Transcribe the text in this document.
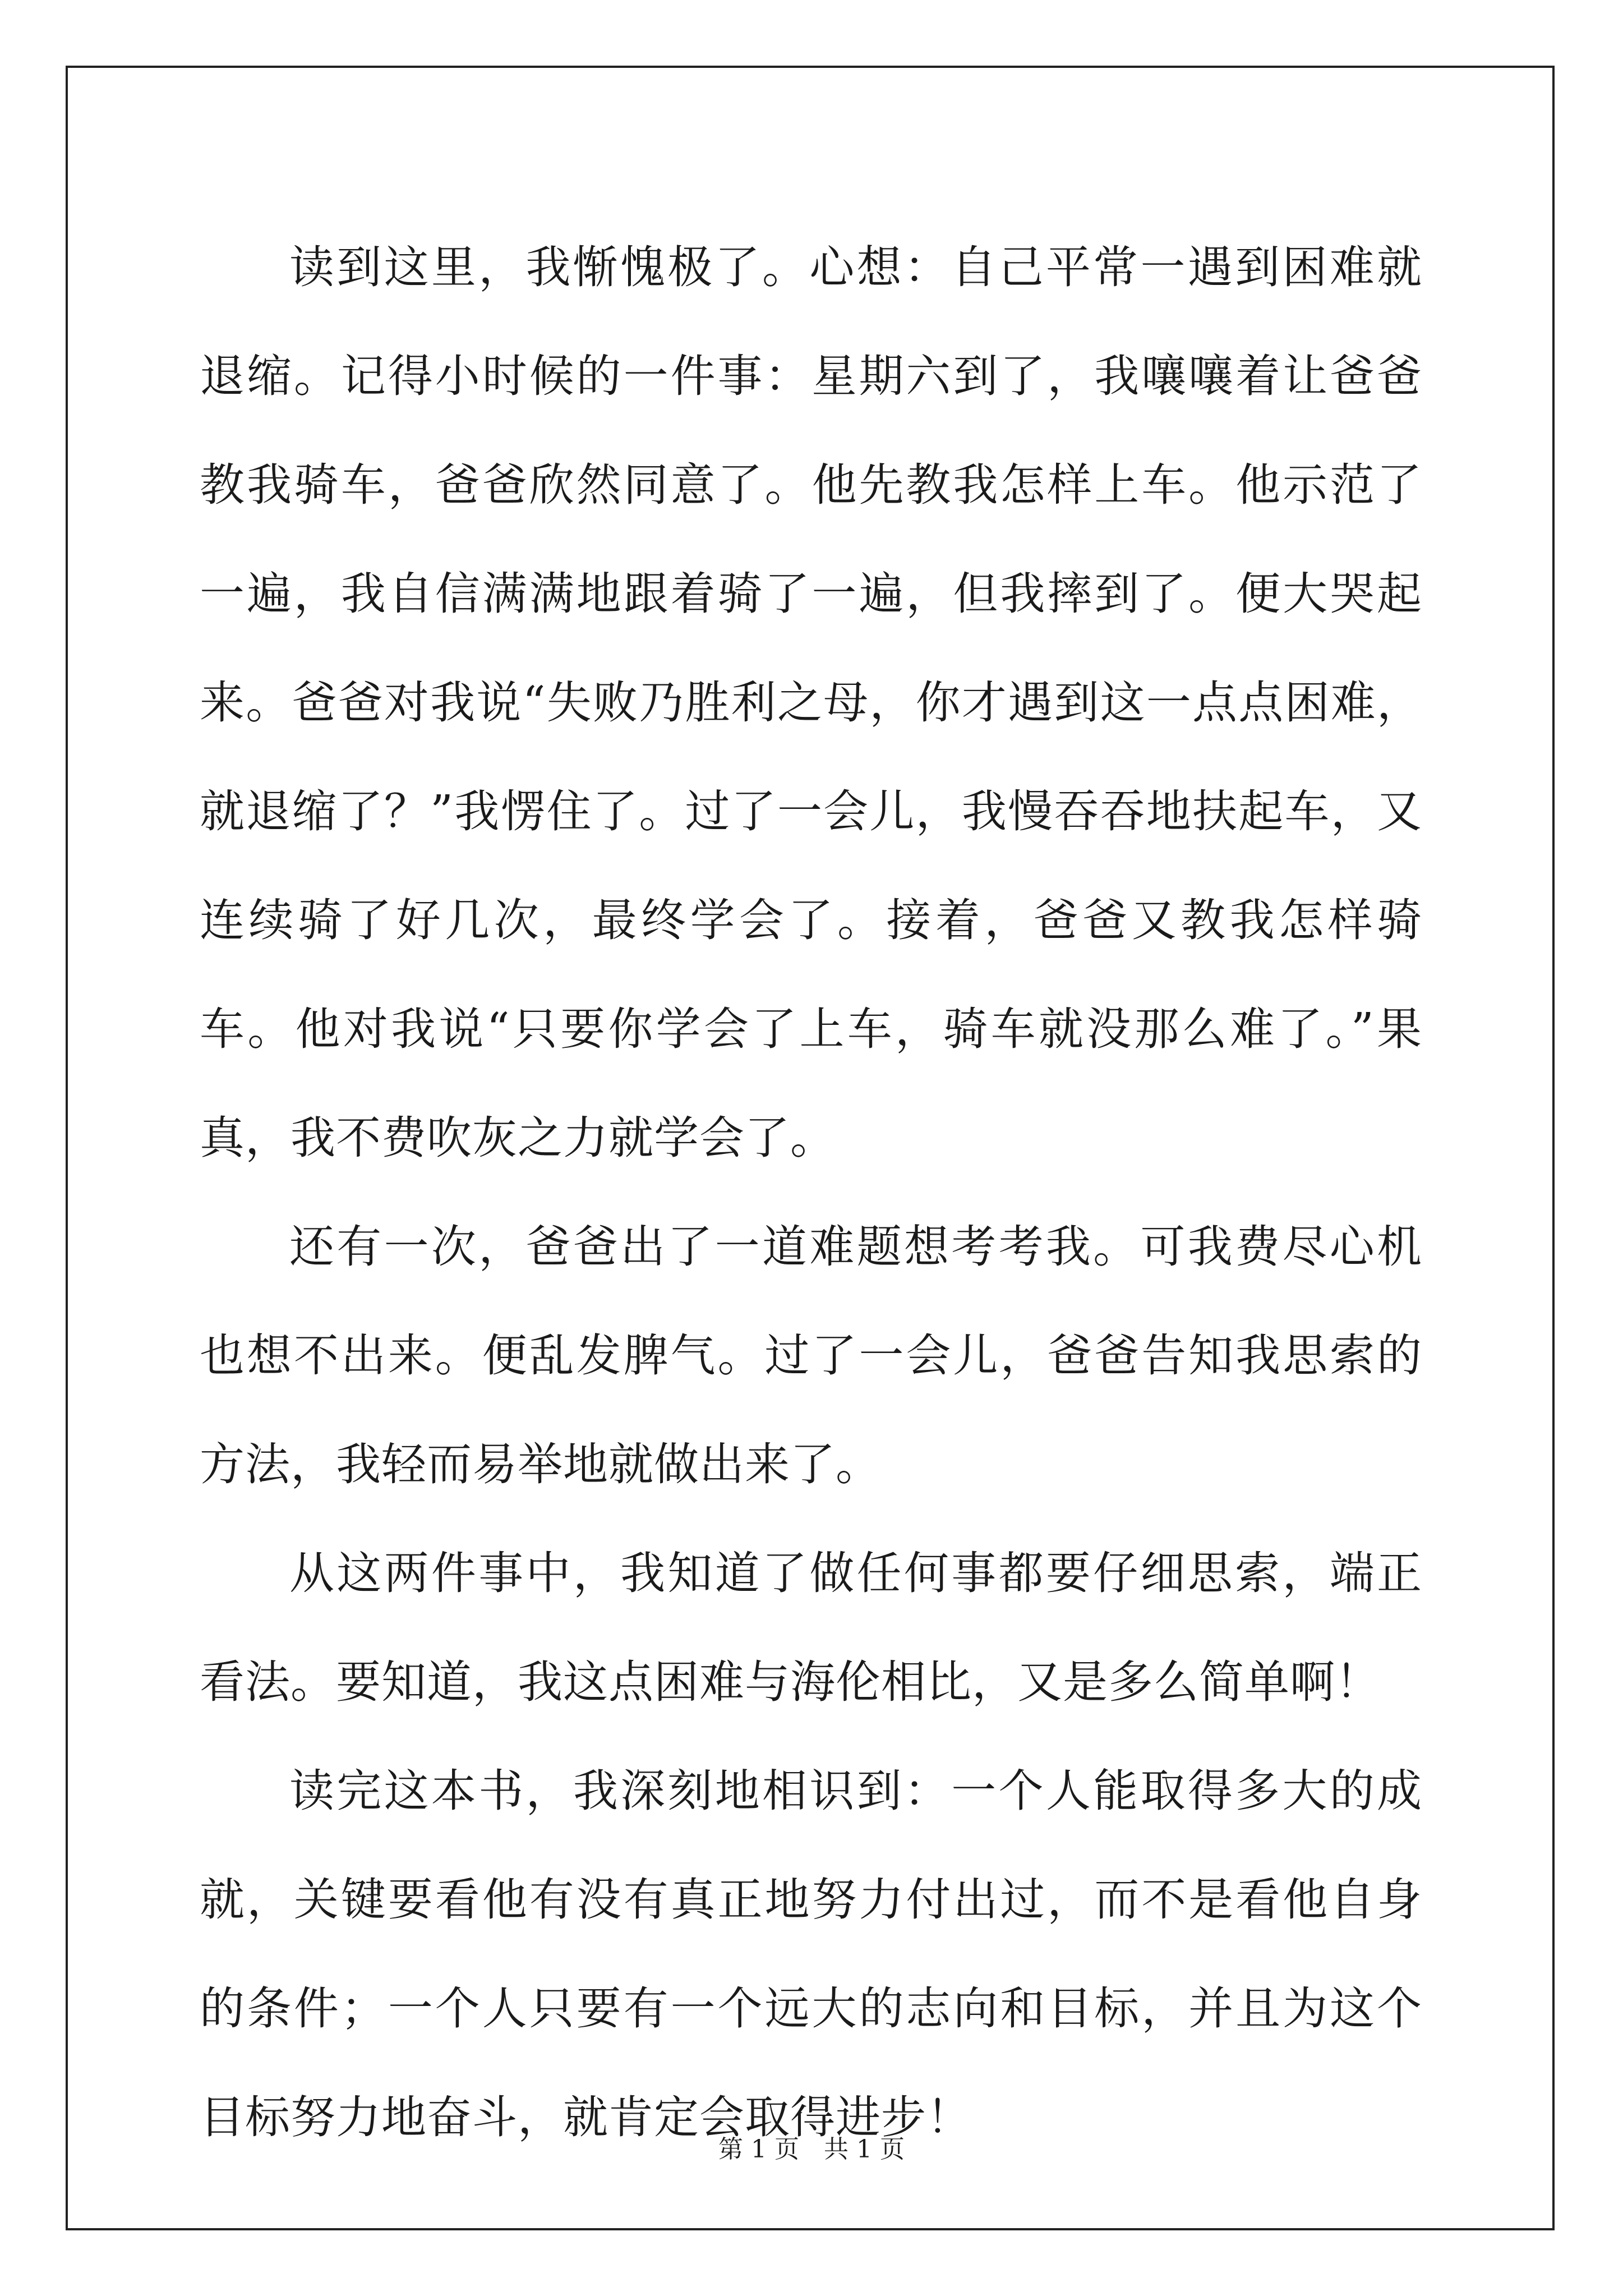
读到这里，我惭愧极了。心想：自己平常一遇到困难就退缩。记得小时候的一件事：星期六到了，我嚷嚷着让爸爸教我骑车，爸爸欣然同意了。他先教我怎样上车。他示范了一遍，我自信满满地跟着骑了一遍，但我摔到了。便大哭起来。爸爸对我说“失败乃胜利之母，你才遇到这一点点困难，就退缩了？”我愣住了。过了一会儿，我慢吞吞地扶起车，又连续骑了好几次，最终学会了。接着，爸爸又教我怎样骑车。他对我说“只要你学会了上车，骑车就没那么难了。”果真，我不费吹灰之力就学会了。

还有一次，爸爸出了一道难题想考考我。可我费尽心机也想不出来。便乱发脾气。过了一会儿，爸爸告知我思索的方法，我轻而易举地就做出来了。

从这两件事中，我知道了做任何事都要仔细思索，端正看法。要知道，我这点困难与海伦相比，又是多么简单啊！

读完这本书，我深刻地相识到：一个人能取得多大的成就，关键要看他有没有真正地努力付出过，而不是看他自身的条件；一个人只要有一个远大的志向和目标，并且为这个目标努力地奋斗，就肯定会取得进步！

第 1 页　共 1 页
